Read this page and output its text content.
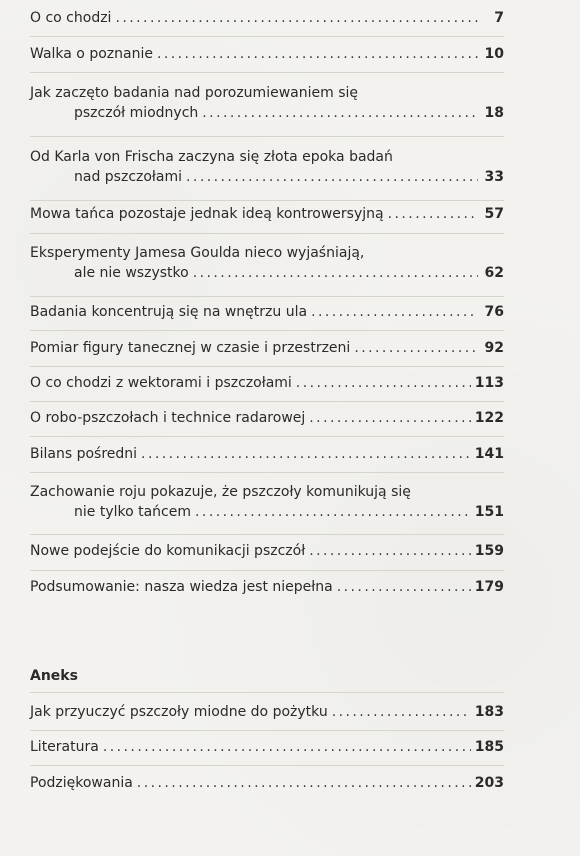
O co chodzi . . .	7
Walka o poznanie . . .	10
Jak zaczęto badania nad porozumiewaniem się
pszczół miodnych . . .	18
Od Karla von Frischa zaczyna się złota epoka badań
nad pszczołami . . .	33
Mowa tańca pozostaje jednak ideą kontrowersyjną . . .	57
Eksperymenty Jamesa Goulda nieco wyjaśniają,
ale nie wszystko . . .	62
Badania koncentrują się na wnętrzu ula . . .	76
Pomiar figury tanecznej w czasie i przestrzeni . . .	92
O co chodzi z wektorami i pszczołami . . .	113
O robo-pszczołach i technice radarowej . . .	122
Bilans pośredni . . .	141
Zachowanie roju pokazuje, że pszczoły komunikują się
nie tylko tańcem . . .	151
Nowe podejście do komunikacji pszczół . . .	159
Podsumowanie: nasza wiedza jest niepełna . . .	179
Aneks
Jak przyuczyć pszczoły miodne do pożytku . . .	183
Literatura . . .	185
Podziękowania . . .	203
